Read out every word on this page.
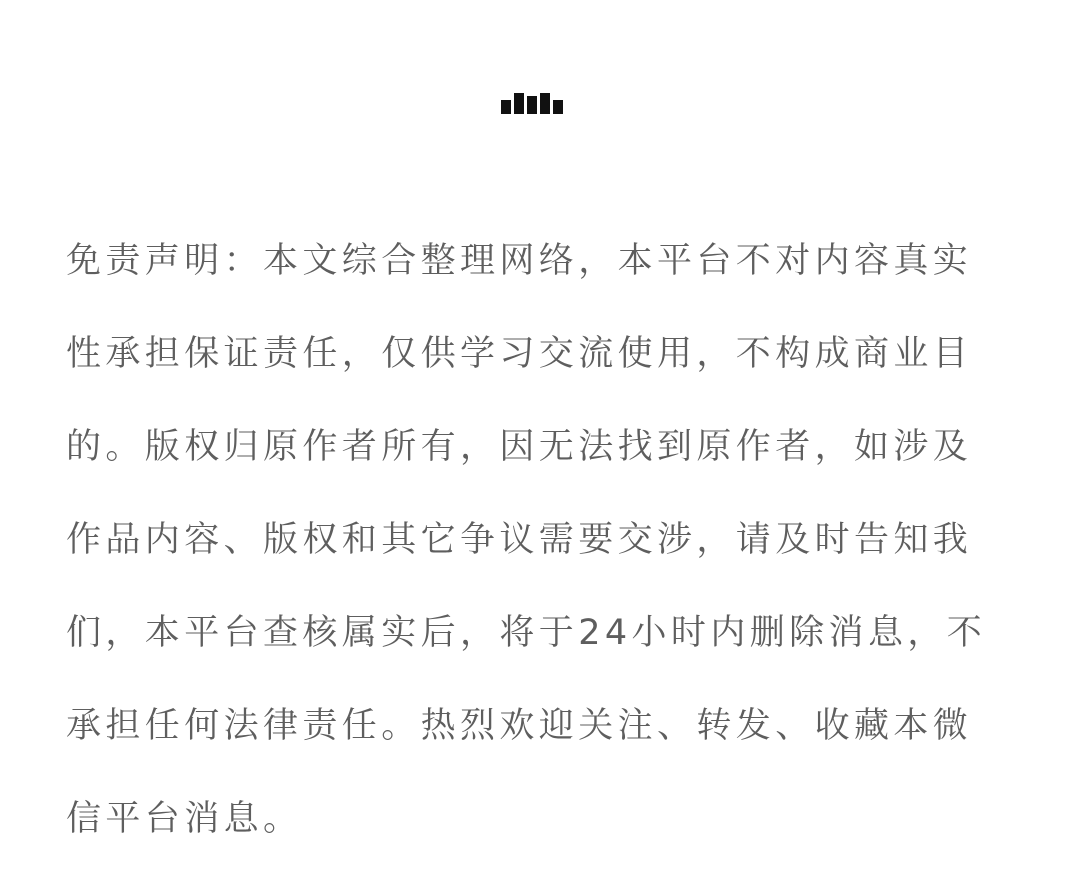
免责声明：本文综合整理网络，本平台不对内容真实
性承担保证责任，仅供学习交流使用，不构成商业目
的。版权归原作者所有，因无法找到原作者，如涉及
作品内容、版权和其它争议需要交涉，请及时告知我
们，本平台查核属实后，将于24小时内删除消息，不
承担任何法律责任。热烈欢迎关注、转发、收藏本微
信平台消息。
